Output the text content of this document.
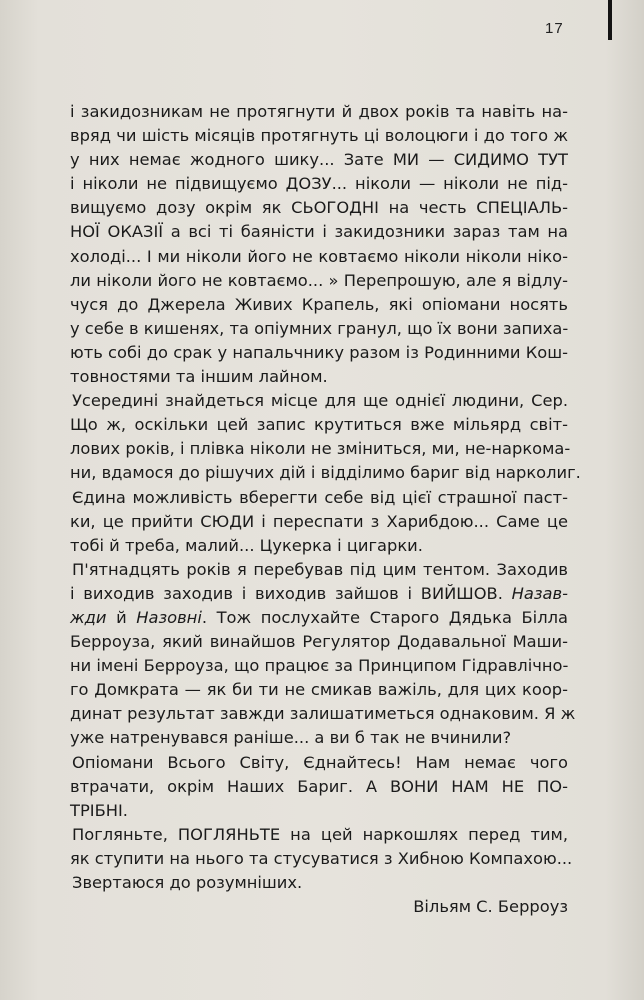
17
і закидозникам не протягнути й двох років та навіть на-
вряд чи шість місяців протягнуть ці волоцюги і до того ж
у них немає жодного шику... Зате МИ — СИДИМО ТУТ
і ніколи не підвищуємо ДОЗУ... ніколи — ніколи не під-
вищуємо дозу окрім як СЬОГОДНІ на честь СПЕЦІАЛЬ-
НОЇ ОКАЗІЇ а всі ті баяністи і закидозники зараз там на
холоді... І ми ніколи його не ковтаємо ніколи ніколи ніко-
ли ніколи його не ковтаємо... » Перепрошую, але я відлу-
чуся до Джерела Живих Крапель, які опіомани носять
у себе в кишенях, та опіумних гранул, що їх вони запиха-
ють собі до срак у напальчнику разом із Родинними Кош-
товностями та іншим лайном.
Усередині знайдеться місце для ще однієї людини, Сер.
Що ж, оскільки цей запис крутиться вже мільярд світ-
лових років, і плівка ніколи не зміниться, ми, не-наркома-
ни, вдамося до рішучих дій і відділимо бариг від нарколиг.
Єдина можливість вберегти себе від цієї страшної паст-
ки, це прийти СЮДИ і переспати з Харибдою... Саме це
тобі й треба, малий... Цукерка і цигарки.
П'ятнадцять років я перебував під цим тентом. Заходив
і виходив заходив і виходив зайшов і ВИЙШОВ. Назав-
жди й Назовні. Тож послухайте Старого Дядька Білла
Берроуза, який винайшов Регулятор Додавальної Маши-
ни імені Берроуза, що працює за Принципом Гідравлічно-
го Домкрата — як би ти не смикав важіль, для цих коор-
динат результат завжди залишатиметься однаковим. Я ж
уже натренувався раніше... а ви б так не вчинили?
Опіомани Всього Світу, Єднайтесь! Нам немає чого
втрачати, окрім Наших Бариг. А ВОНИ НАМ НЕ ПО-
ТРІБНІ.
Погляньте, ПОГЛЯНЬТЕ на цей наркошлях перед тим,
як ступити на нього та стусуватися з Хибною Компахою...
Звертаюся до розумніших.
Вільям С. Берроуз
